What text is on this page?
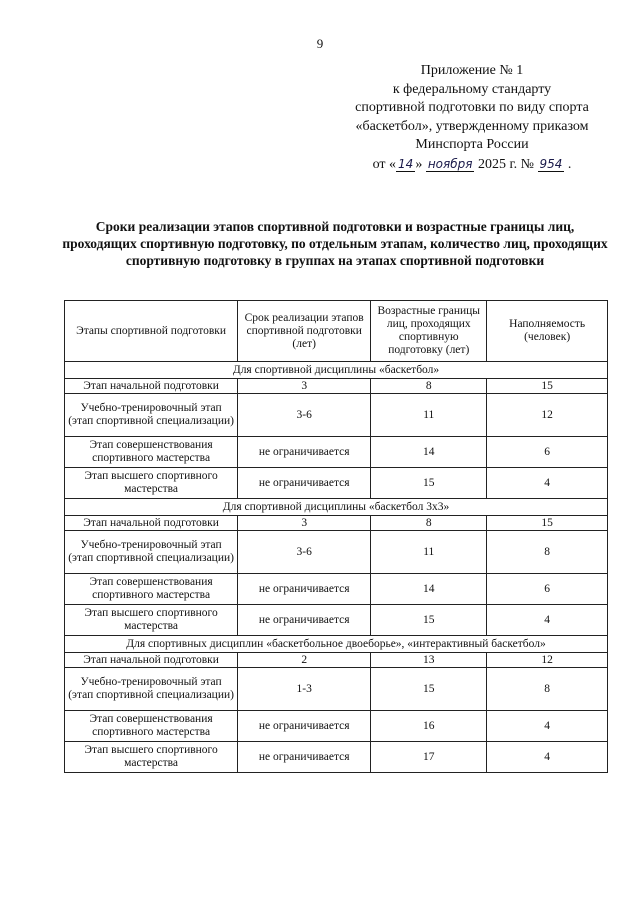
9
Приложение № 1
к федеральному стандарту
спортивной подготовки по виду спорта
«баскетбол», утвержденному приказом
Минспорта России
от « 14 » ноября 2025 г. № 954 .
Сроки реализации этапов спортивной подготовки и возрастные границы лиц, проходящих спортивную подготовку, по отдельным этапам, количество лиц, проходящих спортивную подготовку в группах на этапах спортивной подготовки
Этапы спортивной подготовки	Срок реализации этапов спортивной подготовки (лет)	Возрастные границы лиц, проходящих спортивную подготовку (лет)	Наполняемость (человек)
Для спортивной дисциплины «баскетбол»			
Этап начальной подготовки	3	8	15
Учебно-тренировочный этап (этап спортивной специализации)	3-6	11	12
Этап совершенствования спортивного мастерства	не ограничивается	14	6
Этап высшего спортивного мастерства	не ограничивается	15	4
Для спортивной дисциплины «баскетбол 3x3»			
Этап начальной подготовки	3	8	15
Учебно-тренировочный этап (этап спортивной специализации)	3-6	11	8
Этап совершенствования спортивного мастерства	не ограничивается	14	6
Этап высшего спортивного мастерства	не ограничивается	15	4
Для спортивных дисциплин «баскетбольное двоеборье», «интерактивный баскетбол»			
Этап начальной подготовки	2	13	12
Учебно-тренировочный этап (этап спортивной специализации)	1-3	15	8
Этап совершенствования спортивного мастерства	не ограничивается	16	4
Этап высшего спортивного мастерства	не ограничивается	17	4
